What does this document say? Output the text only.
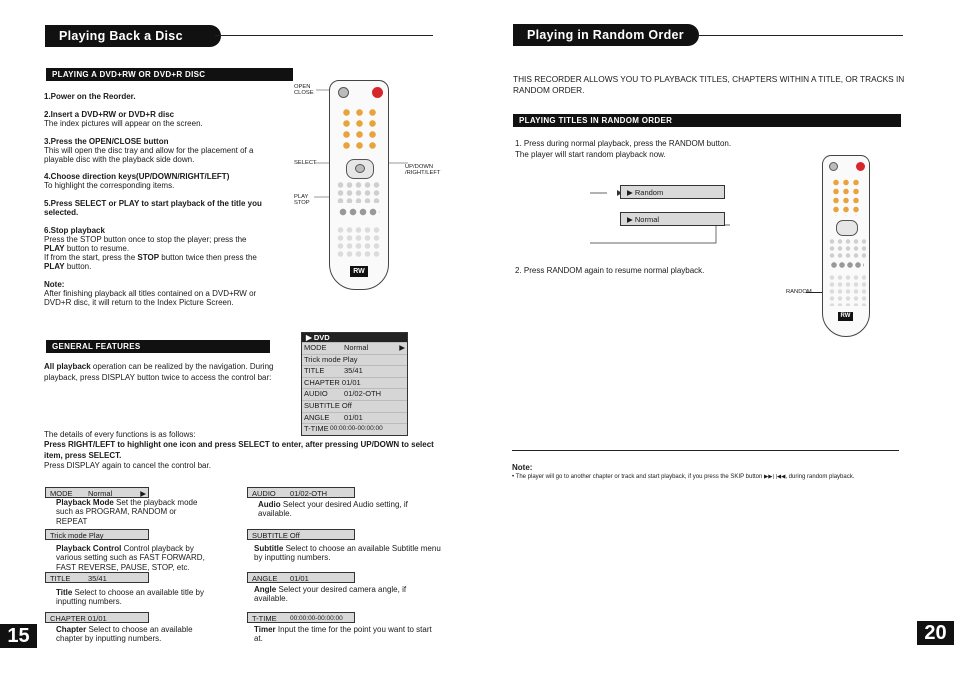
Playing Back a Disc
PLAYING A DVD+RW OR DVD+R DISC
1.Power on the Reorder.
2.Insert a DVD+RW or DVD+R disc
The index pictures will appear on the screen.
3.Press the OPEN/CLOSE button
This will open the disc tray and allow for the placement of a playable disc with the playback side down.
4.Choose direction keys(UP/DOWN/RIGHT/LEFT)
To highlight the corresponding items.
5.Press SELECT or PLAY to start playback of the title you selected.
6.Stop playback
Press the STOP button once to stop the player; press the
PLAY button to resume.
If from the start, press the STOP button twice then press the
PLAY button.
Note:
After finishing playback all titles contained on a DVD+RW or DVD+R disc, it will return to the Index Picture Screen.
OPEN
CLOSE
SELECT
UP/DOWN
/RIGHT/LEFT
PLAY
STOP
RW
GENERAL FEATURES
All playback operation can be realized by the navigation. During playback, press DISPLAY button twice to access the control bar:
▶ DVD
MODE Normal	▶
Trick mode Play
TITLE	35/41
CHAPTER 01/01
AUDIO 01/02-OTH
SUBTITLE Off
ANGLE 01/01
T-TIME 00:00:00-00:00:00
The details of every functions is as follows:
Press RIGHT/LEFT to highlight one icon and press SELECT to enter, after pressing UP/DOWN to select item, press SELECT.
Press DISPLAY again to cancel the control bar.
MODE Normal	▶
Playback Mode Set the playback mode such as PROGRAM, RANDOM or REPEAT
Trick mode Play
Playback Control Control playback by various setting such as FAST FORWARD, FAST REVERSE, PAUSE, STOP, etc.
TITLE 35/41
Title Select to choose an available title by inputting numbers.
CHAPTER 01/01
Chapter Select to choose an available chapter by inputting numbers.
AUDIO 01/02-OTH
Audio Select your desired Audio setting, if available.
SUBTITLE Off
Subtitle Select to choose an available Subtitle menu by inputting numbers.
ANGLE 01/01
Angle Select your desired camera angle, if available.
T-TIME 00:00:00-00:00:00
Timer Input the time for the point you want to start at.
15
Playing in Random Order
THIS RECORDER ALLOWS YOU TO PLAYBACK TITLES, CHAPTERS WITHIN A TITLE, OR TRACKS IN RANDOM ORDER.
PLAYING TITLES IN RANDOM ORDER
1. Press during normal playback, press the RANDOM button.
The player will start random playback now.
▶ Random
▶ Normal
2. Press RANDOM again to resume normal playback.
RANDOM
RW
Note:
• The player will go to another chapter or track and start playback, if you press the SKIP button ▶▶| |◀◀, during random playback.
20
